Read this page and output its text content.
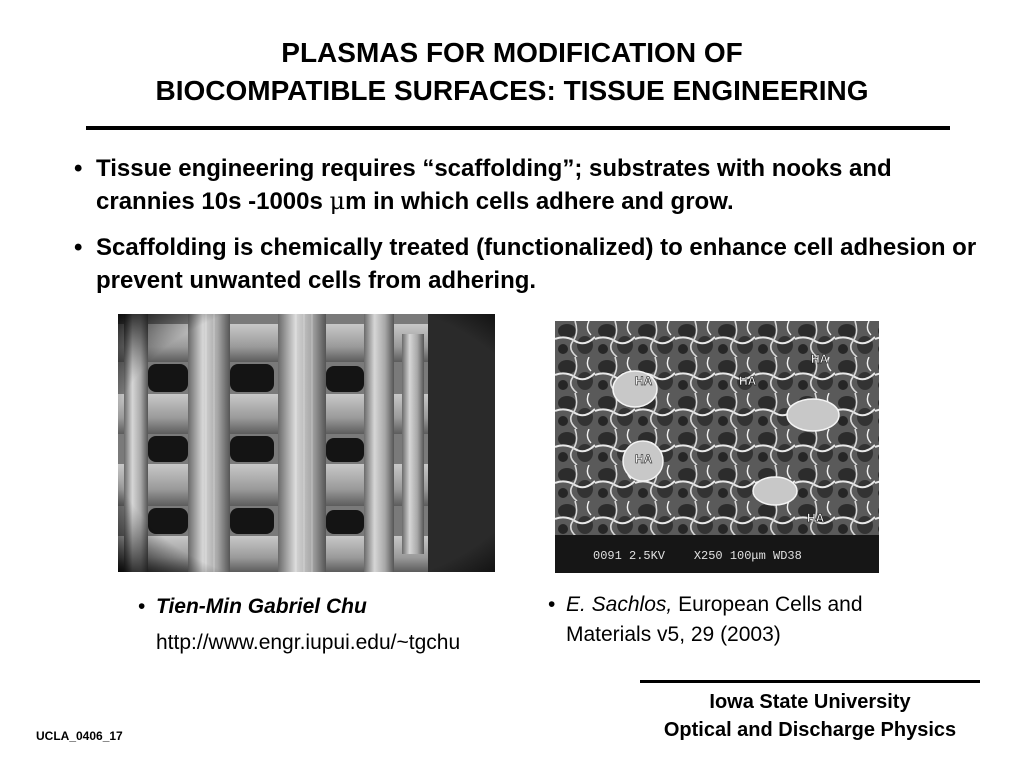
PLASMAS FOR MODIFICATION OF
BIOCOMPATIBLE SURFACES: TISSUE ENGINEERING
• Tissue engineering requires “scaffolding”; substrates with nooks and crannies 10s -1000s μm in which cells adhere and grow.
• Scaffolding is chemically treated (functionalized) to enhance cell adhesion or prevent unwanted cells from adhering.
HA
HA	HA
HA
HA
0091 2.5KV    X250 100μm WD38
• Tien-Min Gabriel Chu
http://www.engr.iupui.edu/~tgchu
• E. Sachlos, European Cells and Materials v5, 29 (2003)
Iowa State University
Optical and Discharge Physics
UCLA_0406_17
